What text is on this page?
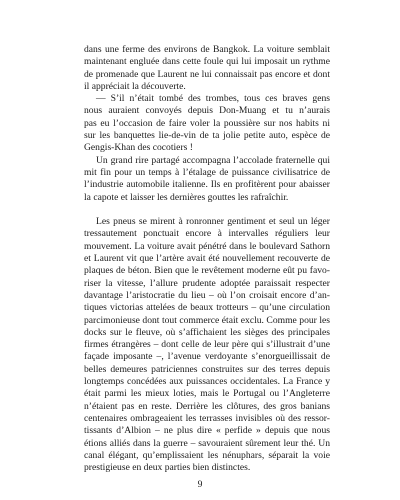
dans une ferme des environs de Bangkok. La voiture semblait
maintenant engluée dans cette foule qui lui imposait un rythme
de promenade que Laurent ne lui connaissait pas encore et dont
il appréciait la découverte.
— S’il n’était tombé des trombes, tous ces braves gens
nous auraient convoyés depuis Don-Muang et tu n’aurais
pas eu l’occasion de faire voler la poussière sur nos habits ni
sur les banquettes lie-de-vin de ta jolie petite auto, espèce de
Gengis-Khan des cocotiers !
Un grand rire partagé accompagna l’accolade fraternelle qui
mit fin pour un temps à l’étalage de puissance civilisatrice de
l’industrie automobile italienne. Ils en profitèrent pour abaisser
la capote et laisser les dernières gouttes les rafraîchir.
Les pneus se mirent à ronronner gentiment et seul un léger
tressautement ponctuait encore à intervalles réguliers leur
mouvement. La voiture avait pénétré dans le boulevard Sathorn
et Laurent vit que l’artère avait été nouvellement recouverte de
plaques de béton. Bien que le revêtement moderne eût pu favo-
riser la vitesse, l’allure prudente adoptée paraissait respecter
davantage l’aristocratie du lieu – où l’on croisait encore d’an-
tiques victorias attelées de beaux trotteurs – qu’une circulation
parcimonieuse dont tout commerce était exclu. Comme pour les
docks sur le fleuve, où s’affichaient les sièges des principales
firmes étrangères – dont celle de leur père qui s’illustrait d’une
façade imposante –, l’avenue verdoyante s’enorgueillissait de
belles demeures patriciennes construites sur des terres depuis
longtemps concédées aux puissances occidentales. La France y
était parmi les mieux loties, mais le Portugal ou l’Angleterre
n’étaient pas en reste. Derrière les clôtures, des gros banians
centenaires ombrageaient les terrasses invisibles où des ressor-
tissants d’Albion – ne plus dire « perfide » depuis que nous
étions alliés dans la guerre – savouraient sûrement leur thé. Un
canal élégant, qu’emplissaient les nénuphars, séparait la voie
prestigieuse en deux parties bien distinctes.
9
